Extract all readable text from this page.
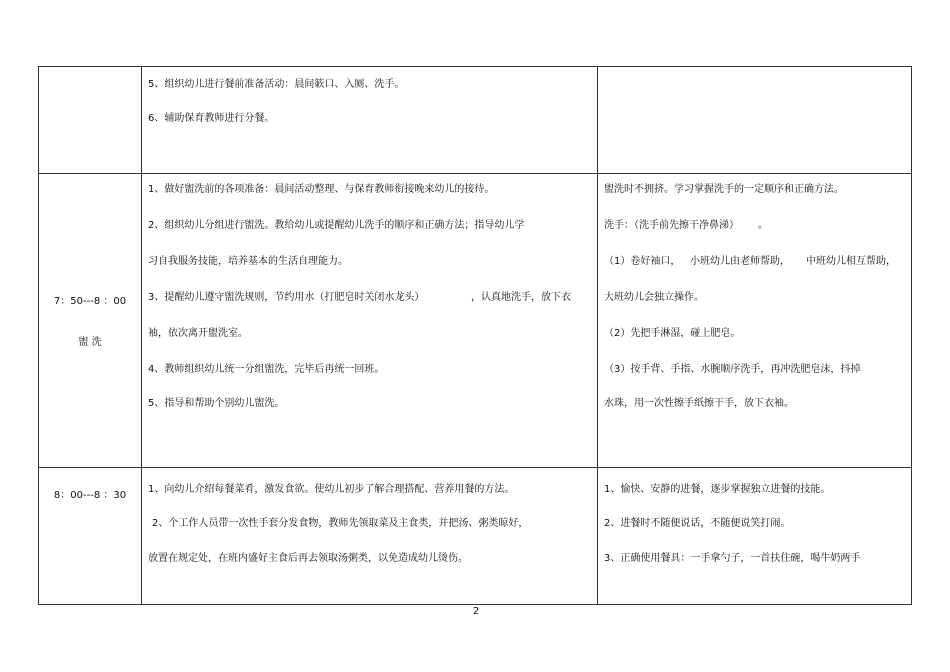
5、组织幼儿进行餐前准备活动：晨间簌口、入厕、洗手。
6、辅助保育教师进行分餐。
7：50---8 ：00
盥 洗
1、做好盥洗前的各项准备：晨间活动整理、与保育教师衔接晚来幼儿的接待。
2、组织幼儿分组进行盥洗。教给幼儿或提醒幼儿洗手的顺序和正确方法；指导幼儿学
习自我服务技能，培养基本的生活自理能力。
3、提醒幼儿遵守盥洗规则，节约用水（打肥皂时关闭水龙头）	，认真地洗手，放下衣
袖，依次离开盥洗室。
4、教师组织幼儿统一分组盥洗，完毕后再统一回班。
5、指导和帮助个别幼儿盥洗。
盥洗时不拥挤。学习掌握洗手的一定顺序和正确方法。
洗手：（洗手前先擦干净鼻涕） 。
（1）卷好袖口， 小班幼儿由老师帮助， 中班幼儿相互帮助，
大班幼儿会独立操作。
（2）先把手淋湿，碰上肥皂。
（3）按手背、手指、水腕顺序洗手，再冲洗肥皂沫，抖掉
水珠，用一次性擦手纸擦干手，放下衣袖。
8：00---8 ：30
1、向幼儿介绍每餐菜肴，激发食欲。使幼儿初步了解合理搭配、营养用餐的方法。
2、个工作人员带一次性手套分发食物，教师先领取菜及主食类，并把汤、粥类晾好，
放置在规定处，在班内盛好主食后再去领取汤粥类，以免造成幼儿烫伤。
1、愉快、安静的进餐，逐步掌握独立进餐的技能。
2、进餐时不随便说话，不随便说笑打闹。
3、正确使用餐具：一手拿勺子，一首扶住碗，喝牛奶两手
2
